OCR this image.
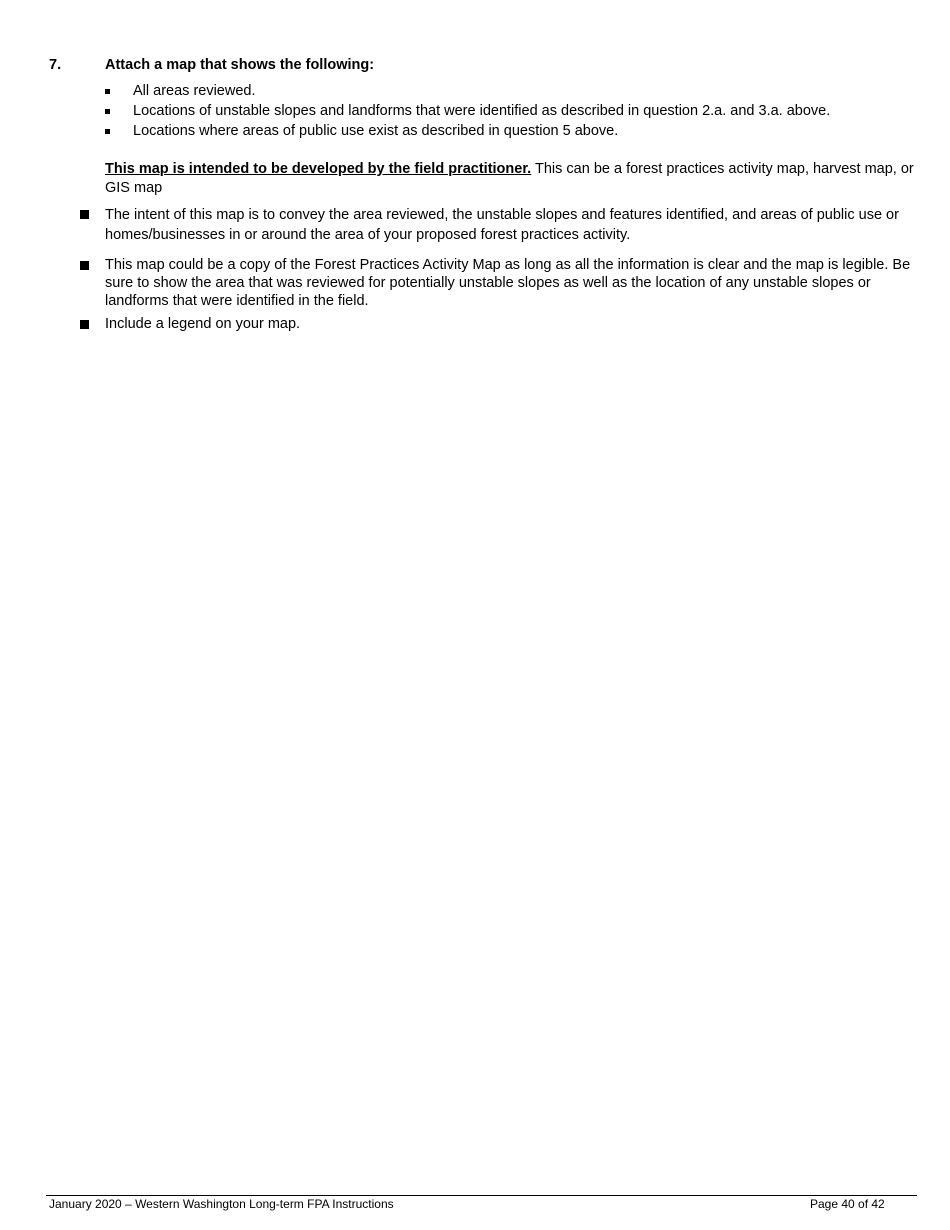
7.	Attach a map that shows the following:
All areas reviewed.
Locations of unstable slopes and landforms that were identified as described in question 2.a. and 3.a. above.
Locations where areas of public use exist as described in question 5 above.
This map is intended to be developed by the field practitioner. This can be a forest practices activity map, harvest map, or GIS map
The intent of this map is to convey the area reviewed, the unstable slopes and features identified, and areas of public use or homes/businesses in or around the area of your proposed forest practices activity.
This map could be a copy of the Forest Practices Activity Map as long as all the information is clear and the map is legible. Be sure to show the area that was reviewed for potentially unstable slopes as well as the location of any unstable slopes or landforms that were identified in the field.
Include a legend on your map.
January 2020 – Western Washington Long-term FPA Instructions	Page 40 of 42
